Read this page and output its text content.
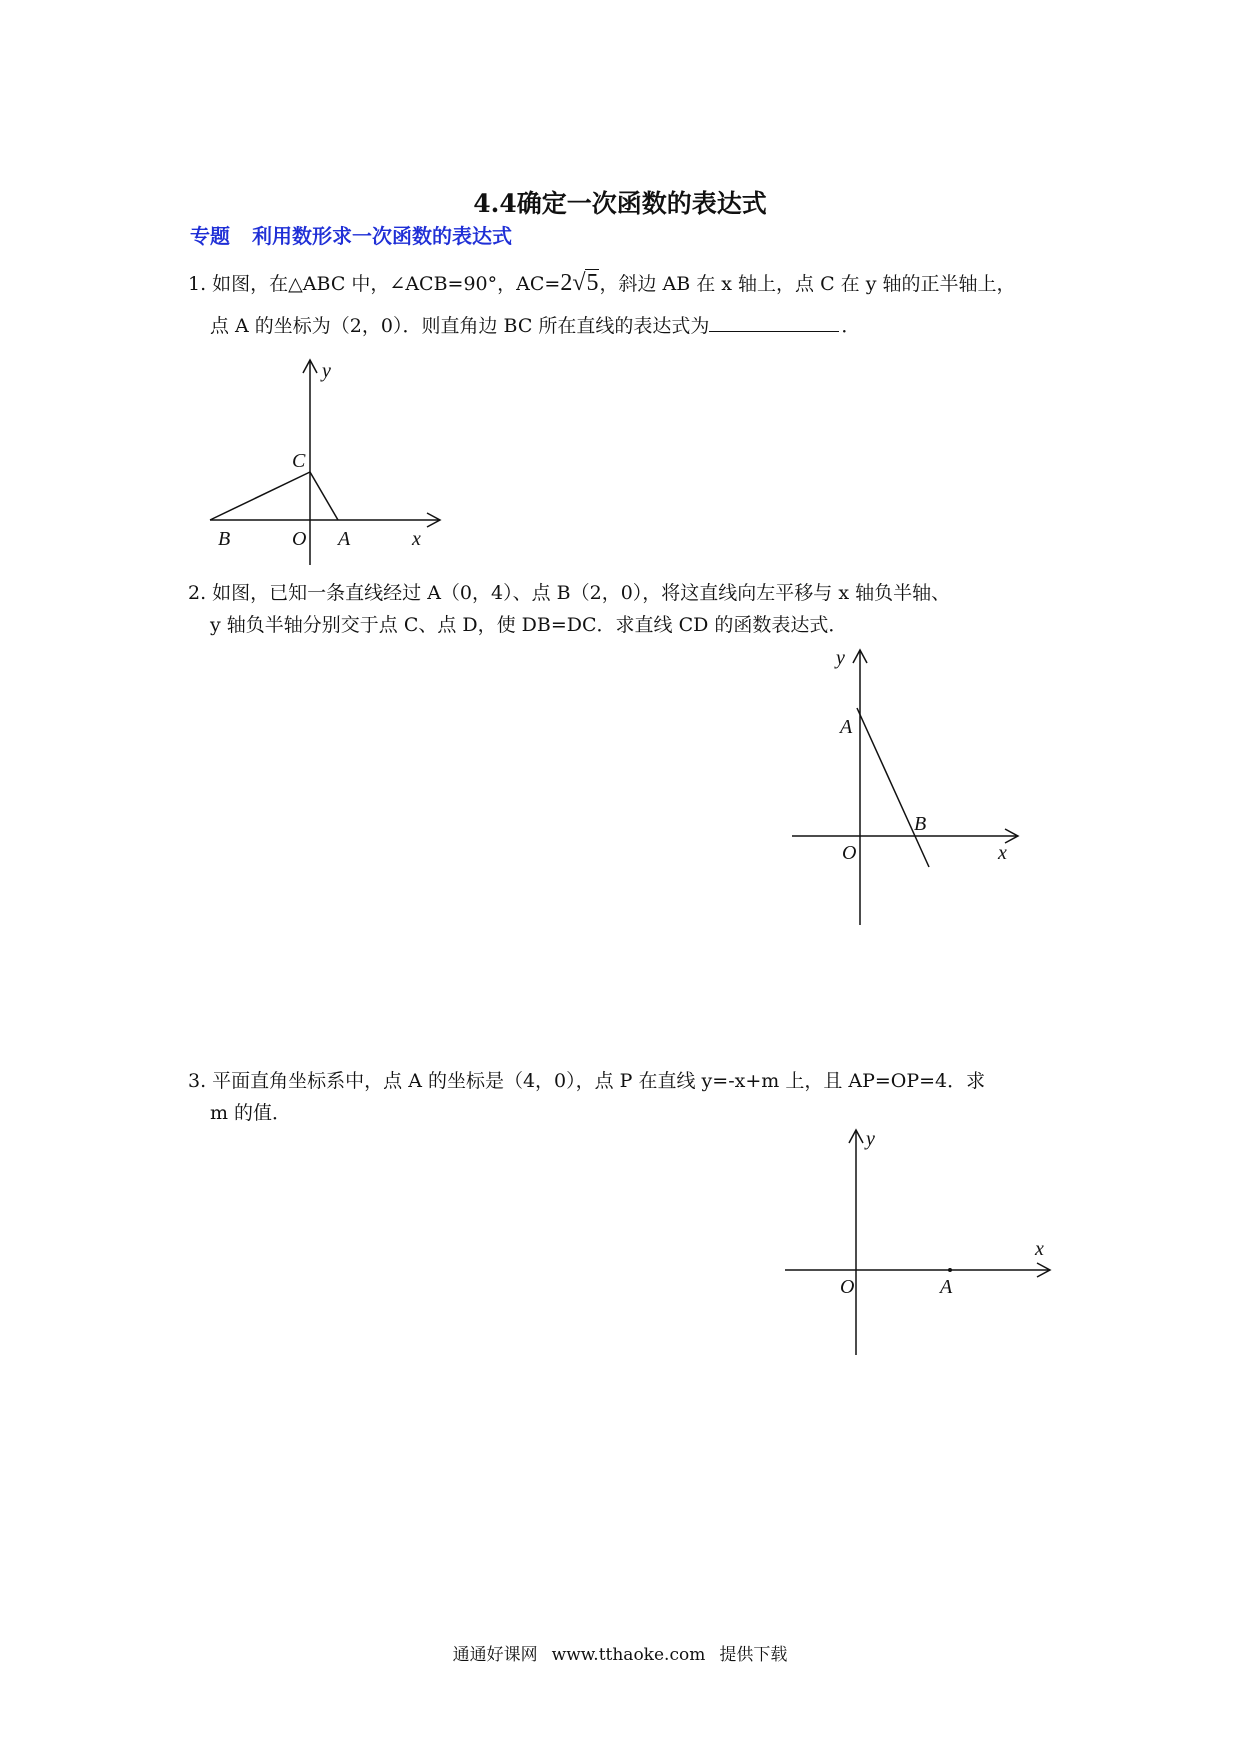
4.4确定一次函数的表达式
专题 利用数形求一次函数的表达式
1. 如图，在△ABC 中，∠ACB=90°，AC=2√5，斜边 AB 在 x 轴上，点 C 在 y 轴的正半轴上，
点 A 的坐标为（2，0）．则直角边 BC 所在直线的表达式为	．
y
C
B	O A	x
2. 如图，已知一条直线经过 A（0，4）、点 B（2，0），将这直线向左平移与 x 轴负半轴、
y 轴负半轴分别交于点 C、点 D，使 DB=DC．求直线 CD 的函数表达式．
y
A
B
O	x
3. 平面直角坐标系中，点 A 的坐标是（4，0），点 P 在直线 y=-x+m 上，且 AP=OP=4．求
m 的值．
y
x
O	A
通通好课网 www.tthaoke.com 提供下载
